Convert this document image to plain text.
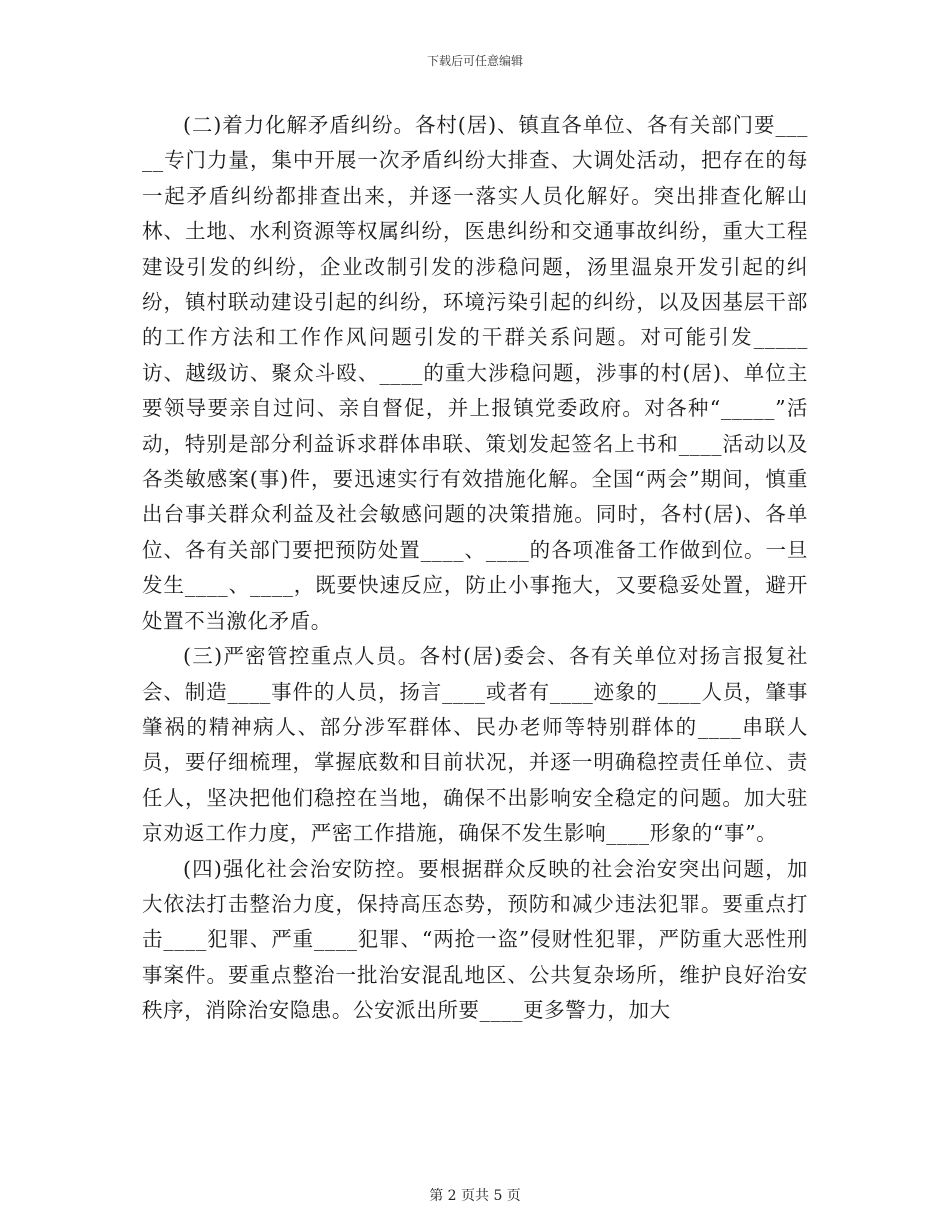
下载后可任意编辑

(二)着力化解矛盾纠纷。各村(居)、镇直各单位、各有关部门要_____专门力量，集中开展一次矛盾纠纷大排查、大调处活动，把存在的每一起矛盾纠纷都排查出来，并逐一落实人员化解好。突出排查化解山林、土地、水利资源等权属纠纷，医患纠纷和交通事故纠纷，重大工程建设引发的纠纷，企业改制引发的涉稳问题，汤里温泉开发引起的纠纷，镇村联动建设引起的纠纷，环境污染引起的纠纷，以及因基层干部的工作方法和工作作风问题引发的干群关系问题。对可能引发_____访、越级访、聚众斗殴、____的重大涉稳问题，涉事的村(居)、单位主要领导要亲自过问、亲自督促，并上报镇党委政府。对各种“_____”活动，特别是部分利益诉求群体串联、策划发起签名上书和____活动以及各类敏感案(事)件，要迅速实行有效措施化解。全国“两会”期间，慎重出台事关群众利益及社会敏感问题的决策措施。同时，各村(居)、各单位、各有关部门要把预防处置____、____的各项准备工作做到位。一旦发生____、____，既要快速反应，防止小事拖大，又要稳妥处置，避开处置不当激化矛盾。

(三)严密管控重点人员。各村(居)委会、各有关单位对扬言报复社会、制造____事件的人员，扬言____或者有____迹象的____人员，肇事肇祸的精神病人、部分涉军群体、民办老师等特别群体的____串联人员，要仔细梳理，掌握底数和目前状况，并逐一明确稳控责任单位、责任人，坚决把他们稳控在当地，确保不出影响安全稳定的问题。加大驻京劝返工作力度，严密工作措施，确保不发生影响____形象的“事”。

(四)强化社会治安防控。要根据群众反映的社会治安突出问题，加大依法打击整治力度，保持高压态势，预防和减少违法犯罪。要重点打击____犯罪、严重____犯罪、“两抢一盗”侵财性犯罪，严防重大恶性刑事案件。要重点整治一批治安混乱地区、公共复杂场所，维护良好治安秩序，消除治安隐患。公安派出所要____更多警力，加大

第 2 页共 5 页
